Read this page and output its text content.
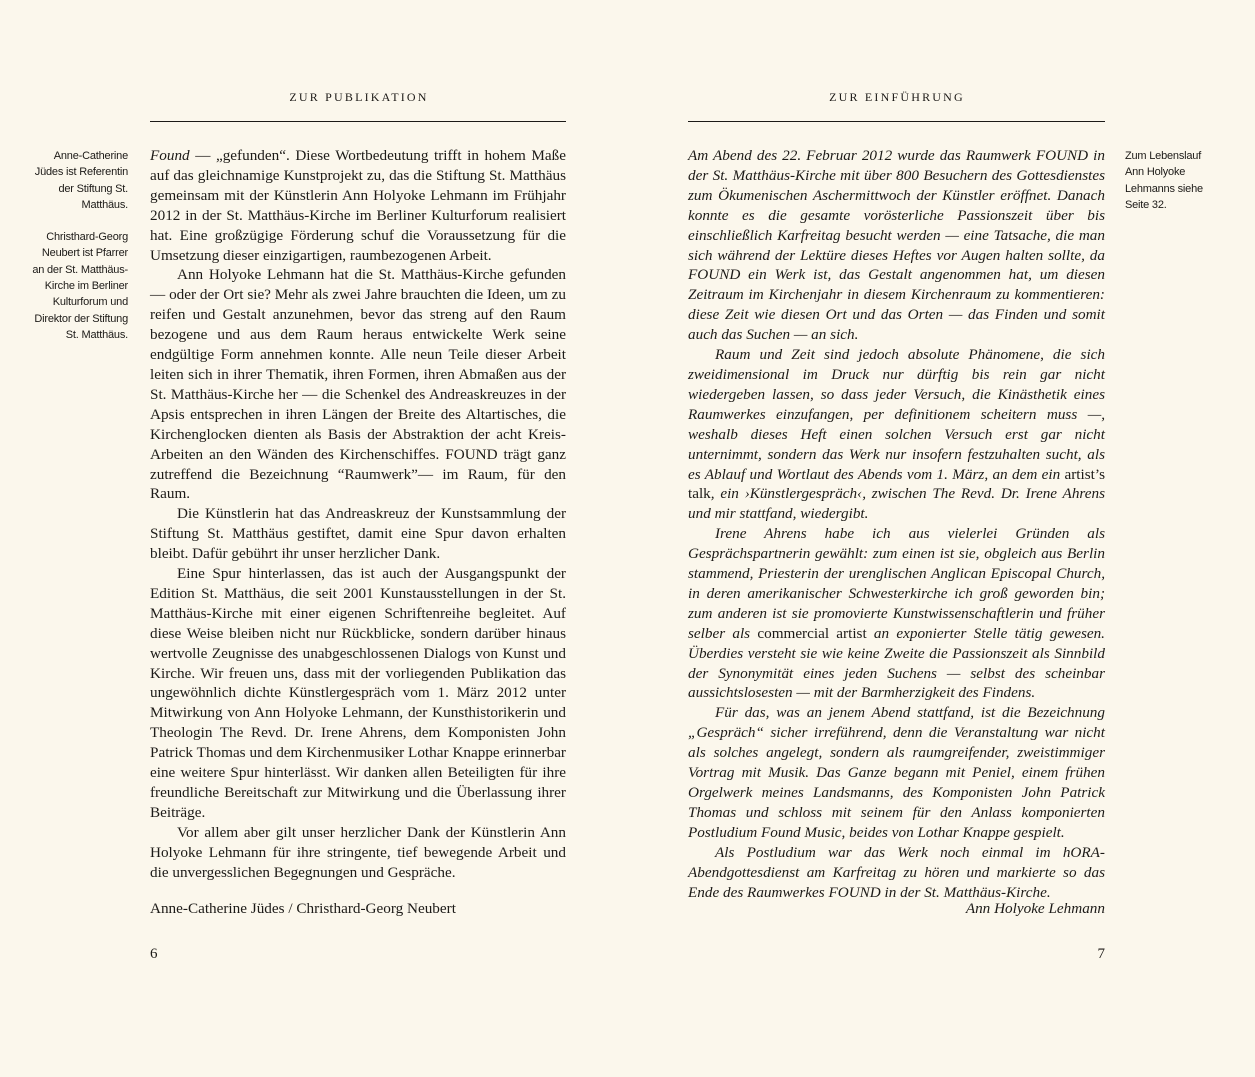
ZUR PUBLIKATION

Anne-Catherine Jüdes ist Referentin der Stiftung St. Matthäus.

Christhard-Georg Neubert ist Pfarrer an der St. Matthäus-Kirche im Berliner Kulturforum und Direktor der Stiftung St. Matthäus.

Found — „gefunden“. Diese Wortbedeutung trifft in hohem Maße auf das gleichnamige Kunstprojekt zu, das die Stiftung St. Matthäus gemeinsam mit der Künstlerin Ann Holyoke Lehmann im Frühjahr 2012 in der St. Matthäus-Kirche im Berliner Kulturforum realisiert hat. Eine großzügige Förderung schuf die Voraussetzung für die Umsetzung dieser einzigartigen, raumbezogenen Arbeit.

Ann Holyoke Lehmann hat die St. Matthäus-Kirche gefunden — oder der Ort sie? Mehr als zwei Jahre brauchten die Ideen, um zu reifen und Gestalt anzunehmen, bevor das streng auf den Raum bezogene und aus dem Raum heraus entwickelte Werk seine endgültige Form annehmen konnte. Alle neun Teile dieser Arbeit leiten sich in ihrer Thematik, ihren Formen, ihren Abmaßen aus der St. Matthäus-Kirche her — die Schenkel des Andreaskreuzes in der Apsis entsprechen in ihren Längen der Breite des Altartisches, die Kirchenglocken dienten als Basis der Abstraktion der acht Kreis-Arbeiten an den Wänden des Kirchenschiffes. FOUND trägt ganz zutreffend die Bezeichnung “Raumwerk”— im Raum, für den Raum.

Die Künstlerin hat das Andreaskreuz der Kunstsammlung der Stiftung St. Matthäus gestiftet, damit eine Spur davon erhalten bleibt. Dafür gebührt ihr unser herzlicher Dank.

Eine Spur hinterlassen, das ist auch der Ausgangspunkt der Edition St. Matthäus, die seit 2001 Kunstausstellungen in der St. Matthäus-Kirche mit einer eigenen Schriftenreihe begleitet. Auf diese Weise bleiben nicht nur Rückblicke, sondern darüber hinaus wertvolle Zeugnisse des unabgeschlossenen Dialogs von Kunst und Kirche. Wir freuen uns, dass mit der vorliegenden Publikation das ungewöhnlich dichte Künstlergespräch vom 1. März 2012 unter Mitwirkung von Ann Holyoke Lehmann, der Kunsthistorikerin und Theologin The Revd. Dr. Irene Ahrens, dem Komponisten John Patrick Thomas und dem Kirchenmusiker Lothar Knappe erinnerbar eine weitere Spur hinterlässt. Wir danken allen Beteiligten für ihre freundliche Bereitschaft zur Mitwirkung und die Überlassung ihrer Beiträge.

Vor allem aber gilt unser herzlicher Dank der Künstlerin Ann Holyoke Lehmann für ihre stringente, tief bewegende Arbeit und die unvergesslichen Begegnungen und Gespräche.

Anne-Catherine Jüdes / Christhard-Georg Neubert
6
ZUR EINFÜHRUNG
Zum Lebenslauf Ann Holyoke Lehmanns siehe Seite 32.

Am Abend des 22. Februar 2012 wurde das Raumwerk FOUND in der St. Matthäus-Kirche mit über 800 Besuchern des Gottesdienstes zum Ökumenischen Aschermittwoch der Künstler eröffnet. Danach konnte es die gesamte vorösterliche Passionszeit über bis einschließlich Karfreitag besucht werden — eine Tatsache, die man sich während der Lektüre dieses Heftes vor Augen halten sollte, da FOUND ein Werk ist, das Gestalt angenommen hat, um diesen Zeitraum im Kirchenjahr in diesem Kirchenraum zu kommentieren: diese Zeit wie diesen Ort und das Orten — das Finden und somit auch das Suchen — an sich.

Raum und Zeit sind jedoch absolute Phänomene, die sich zweidimensional im Druck nur dürftig bis rein gar nicht wiedergeben lassen, so dass jeder Versuch, die Kinästhetik eines Raumwerkes einzufangen, per definitionem scheitern muss —, weshalb dieses Heft einen solchen Versuch erst gar nicht unternimmt, sondern das Werk nur insofern festzuhalten sucht, als es Ablauf und Wortlaut des Abends vom 1. März, an dem ein artist’s talk, ein ›Künstlergespräch‹, zwischen The Revd. Dr. Irene Ahrens und mir stattfand, wiedergibt.

Irene Ahrens habe ich aus vielerlei Gründen als Gesprächspartnerin gewählt: zum einen ist sie, obgleich aus Berlin stammend, Priesterin der urenglischen Anglican Episcopal Church, in deren amerikanischer Schwesterkirche ich groß geworden bin; zum anderen ist sie promovierte Kunstwissenschaftlerin und früher selber als commercial artist an exponierter Stelle tätig gewesen. Überdies versteht sie wie keine Zweite die Passionszeit als Sinnbild der Synonymität eines jeden Suchens — selbst des scheinbar aussichtslosesten — mit der Barmherzigkeit des Findens.

Für das, was an jenem Abend stattfand, ist die Bezeichnung „Gespräch“ sicher irreführend, denn die Veranstaltung war nicht als solches angelegt, sondern als raumgreifender, zweistimmiger Vortrag mit Musik. Das Ganze begann mit Peniel, einem frühen Orgelwerk meines Landsmanns, des Komponisten John Patrick Thomas und schloss mit seinem für den Anlass komponierten Postludium Found Music, beides von Lothar Knappe gespielt.

Als Postludium war das Werk noch einmal im hORA-Abendgottesdienst am Karfreitag zu hören und markierte so das Ende des Raumwerkes FOUND in der St. Matthäus-Kirche.

Ann Holyoke Lehmann
7
